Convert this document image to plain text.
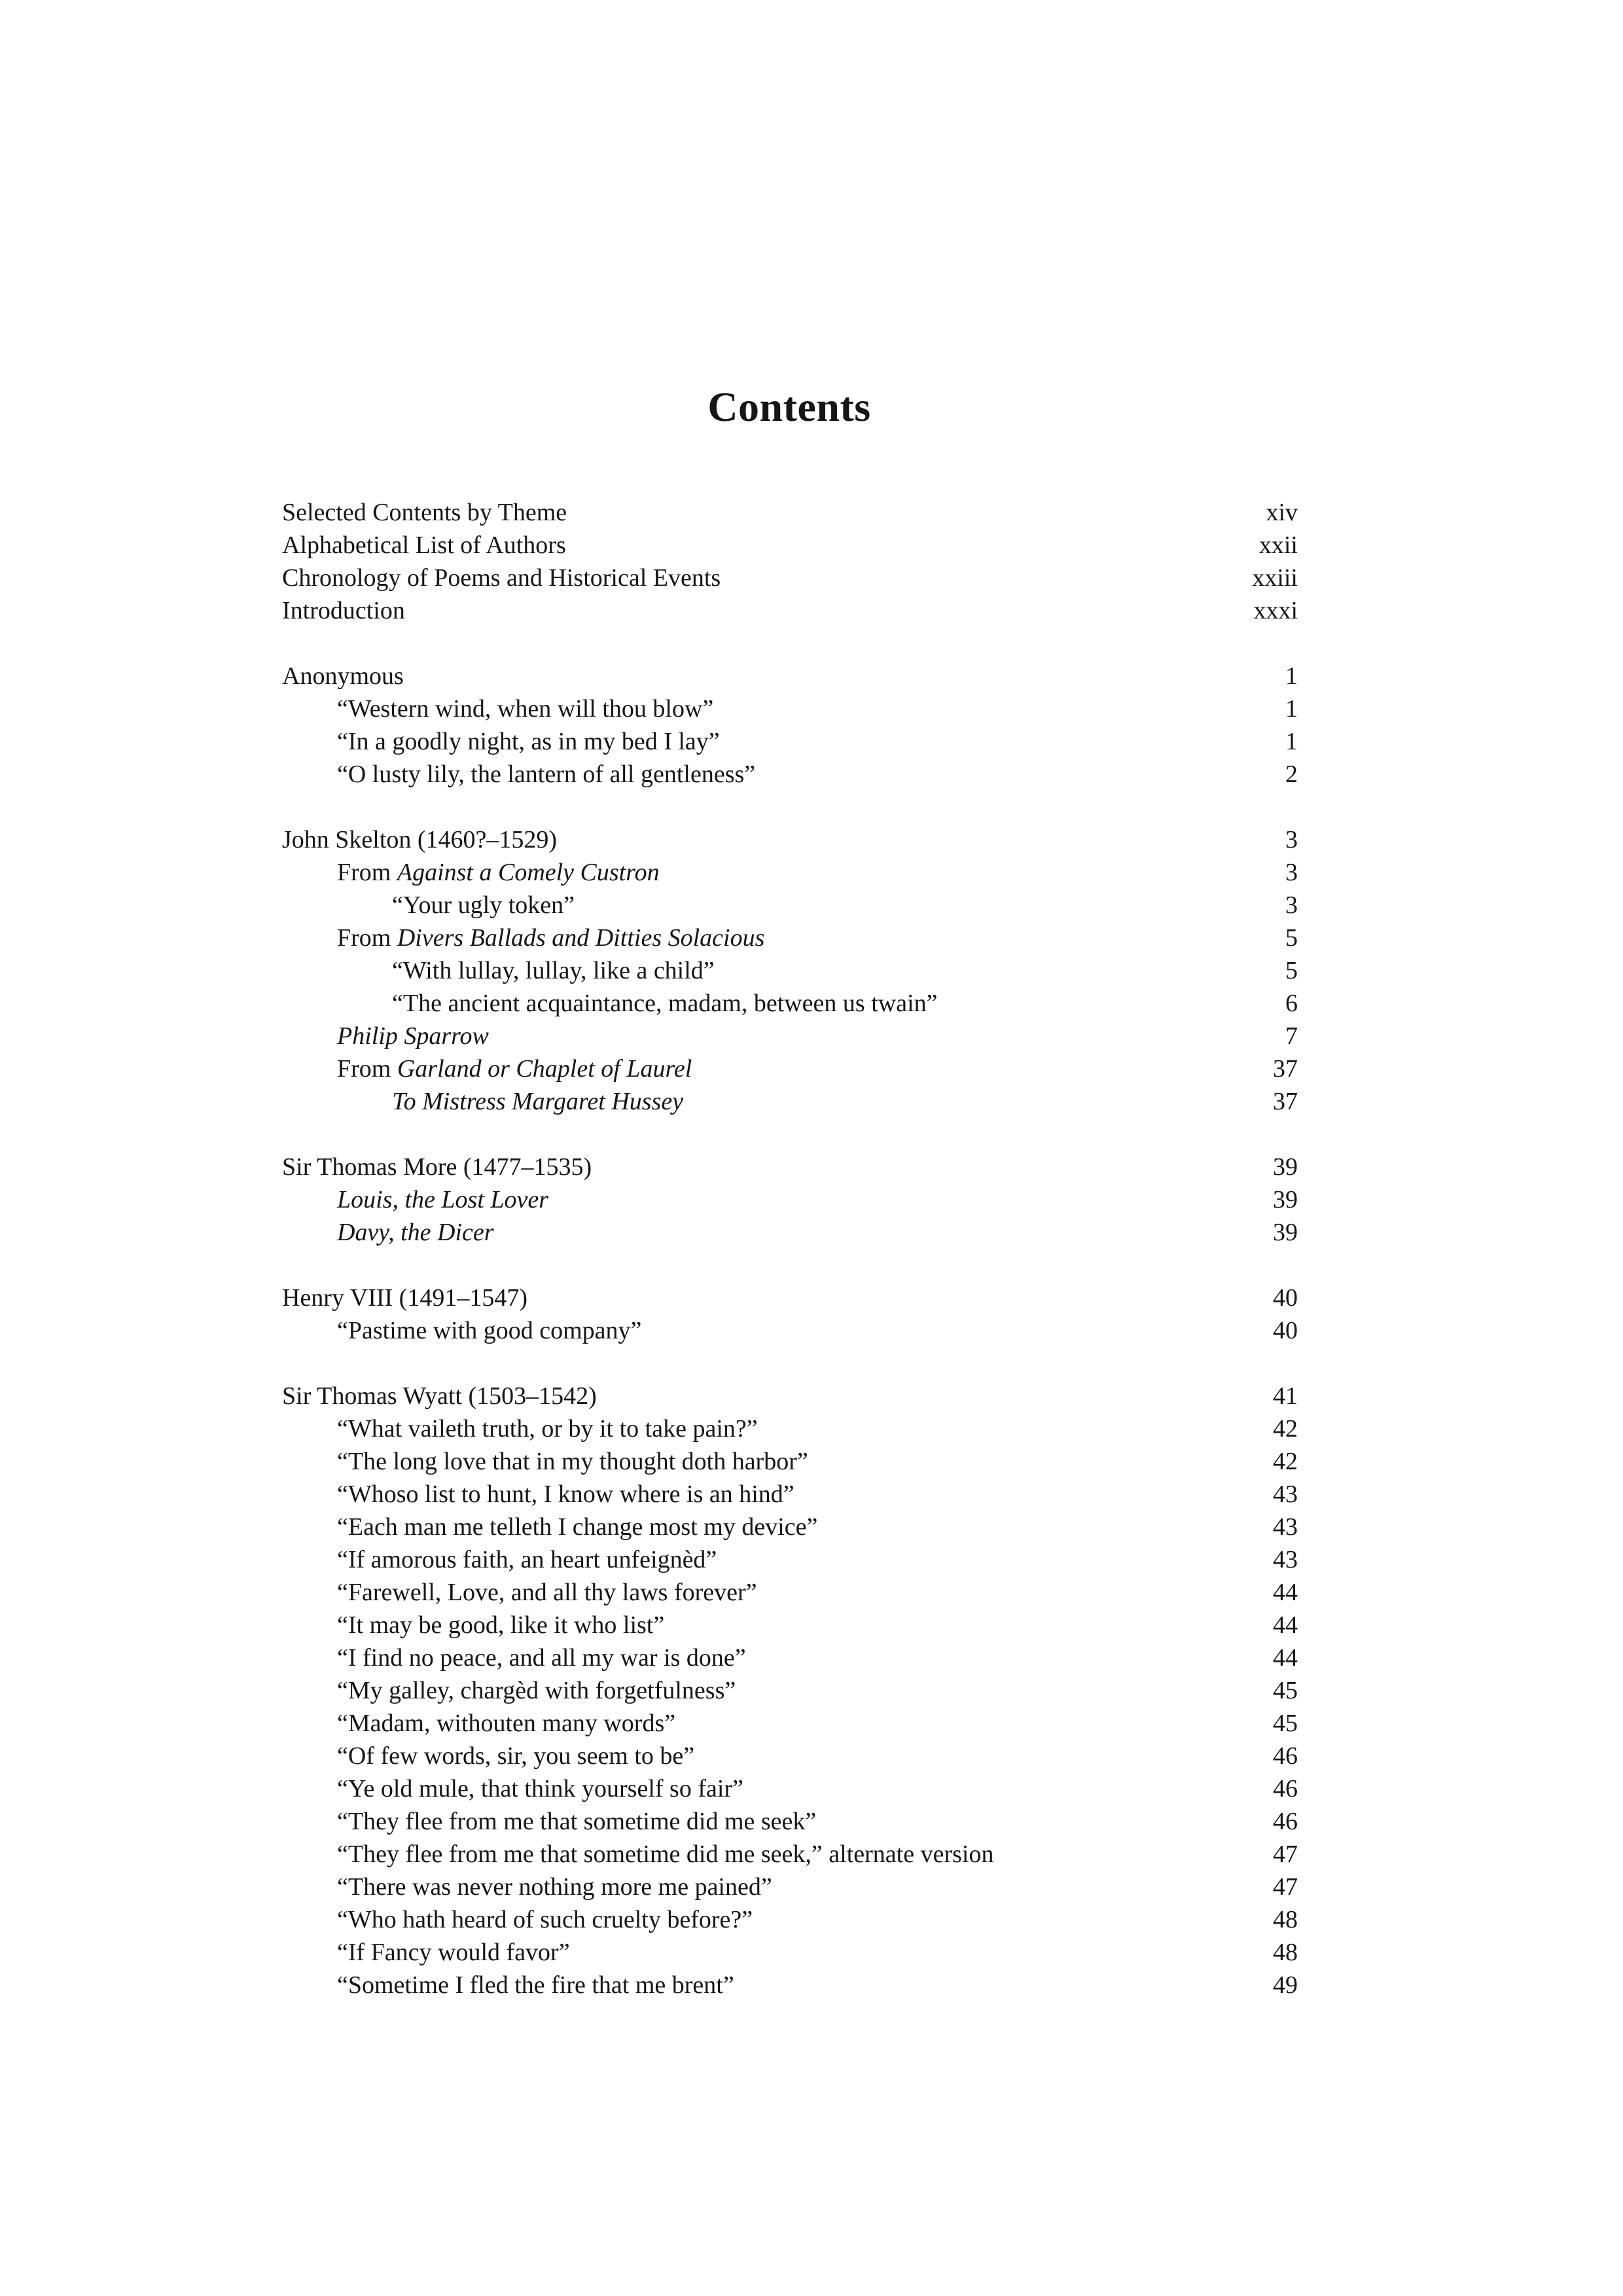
Contents
Selected Contents by Theme	xiv
Alphabetical List of Authors	xxii
Chronology of Poems and Historical Events	xxiii
Introduction	xxxi
Anonymous	1
“Western wind, when will thou blow”	1
“In a goodly night, as in my bed I lay”	1
“O lusty lily, the lantern of all gentleness”	2
John Skelton (1460?–1529)	3
From Against a Comely Custron	3
“Your ugly token”	3
From Divers Ballads and Ditties Solacious	5
“With lullay, lullay, like a child”	5
“The ancient acquaintance, madam, between us twain”	6
Philip Sparrow	7
From Garland or Chaplet of Laurel	37
To Mistress Margaret Hussey	37
Sir Thomas More (1477–1535)	39
Louis, the Lost Lover	39
Davy, the Dicer	39
Henry VIII (1491–1547)	40
“Pastime with good company”	40
Sir Thomas Wyatt (1503–1542)	41
“What vaileth truth, or by it to take pain?”	42
“The long love that in my thought doth harbor”	42
“Whoso list to hunt, I know where is an hind”	43
“Each man me telleth I change most my device”	43
“If amorous faith, an heart unfeignèd”	43
“Farewell, Love, and all thy laws forever”	44
“It may be good, like it who list”	44
“I find no peace, and all my war is done”	44
“My galley, chargèd with forgetfulness”	45
“Madam, withouten many words”	45
“Of few words, sir, you seem to be”	46
“Ye old mule, that think yourself so fair”	46
“They flee from me that sometime did me seek”	46
“They flee from me that sometime did me seek,” alternate version	47
“There was never nothing more me pained”	47
“Who hath heard of such cruelty before?”	48
“If Fancy would favor”	48
“Sometime I fled the fire that me brent”	49
